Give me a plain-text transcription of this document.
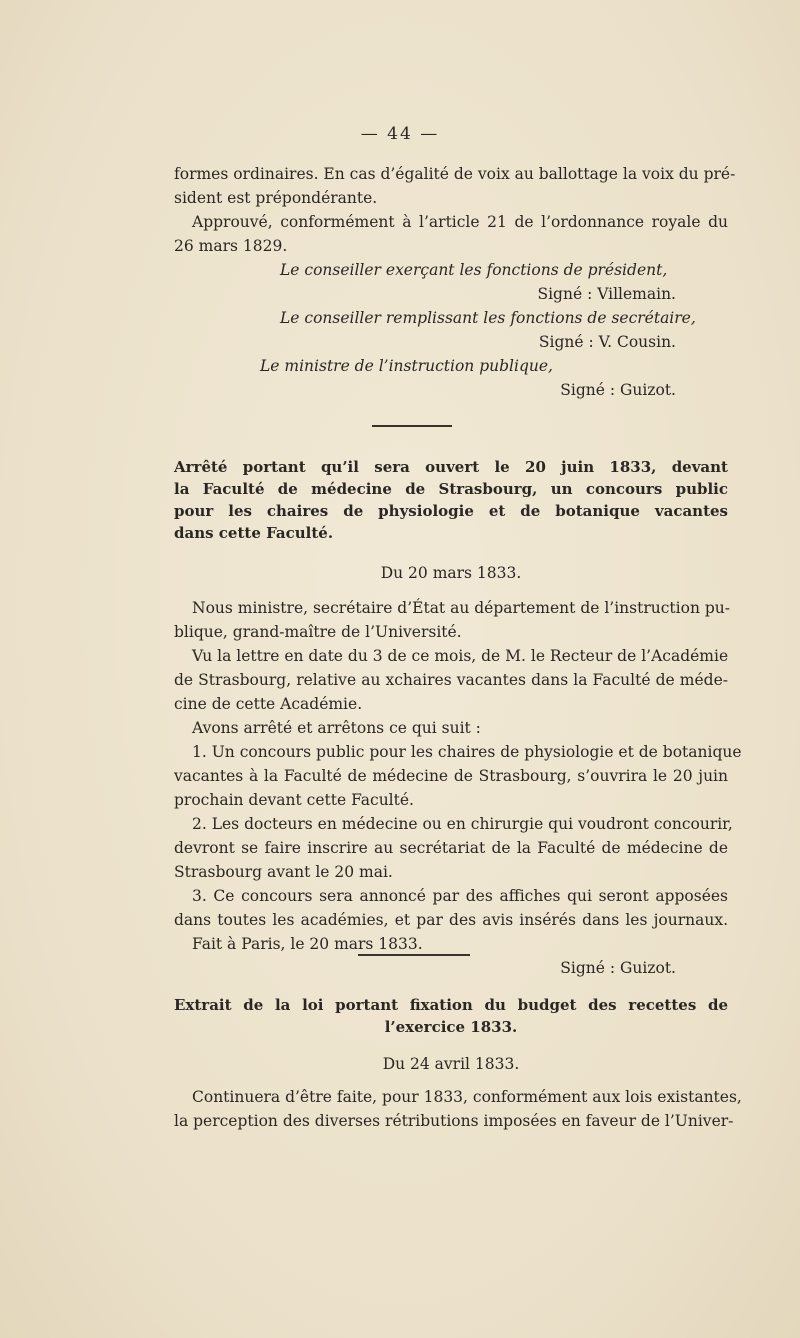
— 44 —
formes ordinaires. En cas d’égalité de voix au ballottage la voix du pré-
sident est prépondérante.
Approuvé, conformément à l’article 21 de l’ordonnance royale du
26 mars 1829.
Le conseiller exerçant les fonctions de président,
Signé : Villemain.
Le conseiller remplissant les fonctions de secrétaire,
Signé : V. Cousin.
Le ministre de l’instruction publique,
Signé : Guizot.
Arrêté portant qu’il sera ouvert le 20 juin 1833, devant
la Faculté de médecine de Strasbourg, un concours public
pour les chaires de physiologie et de botanique vacantes
dans cette Faculté.
Du 20 mars 1833.
Nous ministre, secrétaire d’État au département de l’instruction pu-
blique, grand-maître de l’Université.
Vu la lettre en date du 3 de ce mois, de M. le Recteur de l’Académie
de Strasbourg, relative au xchaires vacantes dans la Faculté de méde-
cine de cette Académie.
Avons arrêté et arrêtons ce qui suit :
1. Un concours public pour les chaires de physiologie et de botanique
vacantes à la Faculté de médecine de Strasbourg, s’ouvrira le 20 juin
prochain devant cette Faculté.
2. Les docteurs en médecine ou en chirurgie qui voudront concourir,
devront se faire inscrire au secrétariat de la Faculté de médecine de
Strasbourg avant le 20 mai.
3. Ce concours sera annoncé par des affiches qui seront apposées
dans toutes les académies, et par des avis insérés dans les journaux.
Fait à Paris, le 20 mars 1833.
Signé : Guizot.
Extrait de la loi portant fixation du budget des recettes de
l’exercice 1833.
Du 24 avril 1833.
Continuera d’être faite, pour 1833, conformément aux lois existantes,
la perception des diverses rétributions imposées en faveur de l’Univer-
